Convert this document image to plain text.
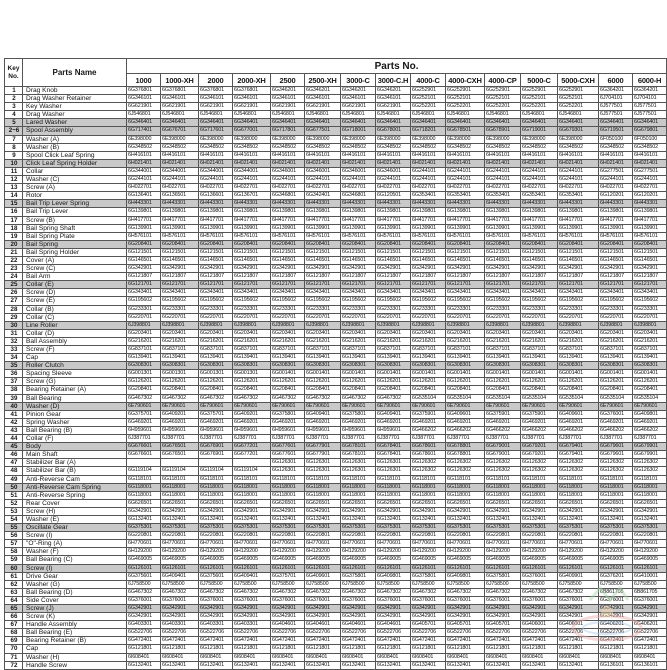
Key No.	Parts Name	Parts No.														
		1000	1000-XH	2000	2000-XH	2500	2500-XH	3000-C	3000-C.H	4000-C	4000-CXH	4000-CP	5000-C	5000-CXH	6000	6000-H
1	Drag Knob	6G376801	6G376801	6G376801	6G376801	6G346201	6G346201	6G346201	6G346201	6G252901	6G252901	6G252901	6G252901	6G252901	6G364201	6G364201
2	Drag Washer Retainer	6G346101	6G346101	6G346101	6G346101	6G346101	6G346101	6G346101	6G346101	6G252101	6G252101	6G252101	6G252101	6G252101	6J704101	6J704101
3	Key Washer	6G621901	6G621901	6G621901	6G621901	6G621901	6G621901	6G621901	6G621901	6G252201	6G252201	6G252201	6G252201	6G252201	6J577501	6J577501
4	Drag Washer	6J546801	6J546801	6J546801	6J546801	6J546801	6J546801	6J546801	6J546801	6J546801	6J546801	6J546801	6J546801	6J546801	6J577501	6J577501
5	Lared Washer	6G346401	6G346401	6G346401	6G346401	6G346401	6G346401	6G346401	6G346401	6G346401	6G346401	6G346401	6G346401	6G346401	6G346401	6G346401
2~6	Spool Assembly	6G717401	6G676701	6G717601	6G677001	6G717801	6G677501	6G718001	6G678001	6G718201	6G678501	6G678901	6G719001	6G679301	6G719501	6G679801
7	Washer (A)	6E398000	6E398000	6E398000	6E398000	6E398000	6E398000	6E398000	6E398000	6E398000	6E398000	6E398000	6E398000	6E398000	6F050100	6F050100
8	Washer (B)	6G348502	6G348502	6G348502	6G348502	6G348502	6G348502	6G348502	6G348502	6G348502	6G348502	6G348502	6G348502	6G348502	6G348502	6G348502
9	Spool Click Leaf Spring	6H416101	6H416101	6H416101	6H416101	6H416101	6H416101	6H416101	6H416101	6H416101	6H416101	6H416101	6H416101	6H416101	6H416101	6H416101
10	Click Leaf Spring Holder	6H021401	6H021401	6H021401	6H021401	6H021401	6H021401	6H021401	6H021401	6H021401	6H021401	6H021401	6H021401	6H021401	6H021401	6H021401
11	Collar	6G344001	6G344001	6G344001	6G344001	6G346001	6G346001	6G346001	6G346001	6G244101	6G244101	6G244101	6G244101	6G244101	6G277501	6G277501
12	Washer (C)	6G244101	6G244101	6G244101	6G244101	6G244101	6G244101	6G244101	6G244101	6G244101	6G244101	6G244101	6G244101	6G244101	6G244101	6G244101
13	Screw (A)	6H022701	6H022701	6H022701	6H022701	6H022701	6H022701	6H022701	6H022701	6H022701	6H022701	6H022701	6H022701	6H022701	6H022701	6H022701
14	Rotor	6G136401	6G136501	6G136601	6G136701	6G346801	6G342401	6G346801	6G120501	6G353401	6G353401	6G353401	6G353401	6G353401	6G120201	6G120201
15	Bail Trip Lever Spring	6H443301	6H443301	6H443301	6H443301	6H443301	6H443301	6H443301	6H443301	6H443301	6H443301	6H443301	6H443301	6H443301	6H443301	6H443301
16	Bail Trip Lever	6G139801	6G139801	6G139801	6G139801	6G139801	6G139801	6G139801	6G139801	6G139801	6G139801	6G139801	6G139801	6G139801	6G139801	6G139801
17	Screw (B)	6H417701	6H417701	6H417701	6H417701	6H417701	6H417701	6H417701	6H417701	6H417701	6H417701	6H417701	6H417701	6H417701	6H417701	6H417701
18	Bail Spring Shaft	6G139901	6G139901	6G139901	6G139901	6G139901	6G139901	6G139901	6G139901	6G139901	6G139901	6G139901	6G139901	6G139901	6G139901	6G139901
19	Bail Spring Plate	6H576101	6H576101	6H576101	6H576101	6H576101	6H576101	6H576101	6H576101	6H576101	6H576101	6H576101	6H576101	6H576101	6H576101	6H576101
20	Bail Spring	6G208401	6G208401	6G208401	6G208401	6G208401	6G208401	6G208401	6G208401	6G208401	6G208401	6G208401	6G208401	6G208401	6G208401	6G208401
21	Bail Spring Holder	6G121501	6G121501	6G121501	6G121501	6G121501	6G121501	6G121501	6G121501	6G121501	6G121501	6G121501	6G121501	6G121501	6G121501	6G121501
22	Cover (A)	6G146501	6G146501	6G146501	6G146501	6G146501	6G146501	6G146501	6G146501	6G146501	6G146501	6G146501	6G146501	6G146501	6G146501	6G146501
23	Screw (C)	6G342901	6G342901	6G342901	6G342901	6G342901	6G342901	6G342901	6G342901	6G342901	6G342901	6G342901	6G342901	6G342901	6G342901	6G342901
24	Bail Arm	6G121807	6G121807	6G121807	6G121807	6G121807	6G121807	6G121807	6G121807	6G121807	6G121807	6G121807	6G121807	6G121807	6G121807	6G121807
25	Collar (E)	6G121701	6G121701	6G121701	6G121701	6G121701	6G121701	6G121701	6G121701	6G121701	6G121701	6G121701	6G121701	6G121701	6G121701	6G121701
26	Screw (D)	6G343401	6G343401	6G343401	6G343401	6G343401	6G343401	6G343401	6G343401	6G343401	6G343401	6G343401	6G343401	6G343401	6G343401	6G343401
27	Screw (E)	6G195602	6G195602	6G195602	6G195602	6G195602	6G195602	6G195602	6G195602	6G195602	6G195602	6G195602	6G195602	6G195602	6G195602	6G195602
28	Collar (B)	6G233301	6G233301	6G233301	6G233301	6G233301	6G233301	6G233301	6G233301	6G233301	6G233301	6G233301	6G233301	6G233301	6G233301	6G233301
29	Collar (C)	6G220701	6G220701	6G220701	6G220701	6G220701	6G220701	6G220701	6G220701	6G220701	6G220701	6G220701	6G220701	6G220701	6G220701	6G220701
30	Line Roller	6J398801	6J398801	6J398801	6J398801	6J398801	6J398801	6J398801	6J398801	6J398801	6J398801	6J398801	6J398801	6J398801	6J398801	6J398801
31	Collar (D)	6G203401	6G203401	6G203401	6G203401	6G203401	6G203401	6G203401	6G203401	6G203401	6G203401	6G203401	6G203401	6G203401	6G203401	6G203401
32	Ball Assembly	6G216201	6G216201	6G216201	6G216201	6G216201	6G216201	6G216201	6G216201	6G216201	6G216201	6G216201	6G216201	6G216201	6G216201	6G216201
33	Screw (F)	6G837101	6G837101	6G837101	6G837101	6G837101	6G837101	6G837101	6G837101	6G837101	6G837101	6G837101	6G837101	6G837101	6G837101	6G837101
34	Cap	6G139401	6G139401	6G139401	6G139401	6G139401	6G139401	6G139401	6G139401	6G139401	6G139401	6G139401	6G139401	6G139401	6G139401	6G139401
35	Roller Clutch	6G308301	6G308301	6G308301	6G308301	6G308301	6G308301	6G308301	6G308301	6G308301	6G308301	6G308301	6G308301	6G308301	6G308301	6G308301
36	Spacing Sleeve	6G001301	6G001301	6G001301	6G001301	6G001401	6G001401	6G001401	6G001401	6G001401	6G001401	6G001401	6G001401	6G001401	6G001401	6G001401
37	Screw (G)	6G126201	6G126201	6G126201	6G126201	6G126201	6G126201	6G126201	6G126201	6G126201	6G126201	6G126201	6G126201	6G126201	6G126201	6G126201
38	Bearing Retainer (A)	6G208401	6G208401	6G208401	6G208401	6G208401	6G208401	6G208401	6G208401	6G208401	6G208401	6G208401	6G208401	6G208401	6G208401	6G208401
39	Ball Bearing	6G467302	6G467302	6G467302	6G467302	6G467302	6G467302	6G467302	6G467302	6G535104	6G535104	6G535104	6G535104	6G535104	6G535104	6G535104
40	Washer (D)	6E790601	6E790601	6E790601	6E790601	6E790601	6E790601	6E790601	6E790601	6E790601	6E790601	6E790601	6E790601	6E790601	6E790601	6E790601
41	Pinion Gear	6G375701	6G409201	6G375701	6G409201	6G375801	6G409401	6G375801	6G409401	6G375901	6G409601	6G375901	6G375901	6G409601	6G376001	6G409801
42	Spring Washer	6G469201	6G469201	6G469201	6G469201	6G469201	6G469201	6G469201	6G469201	6G469201	6G469201	6G469201	6G469201	6G469201	6G469201	6G469201
43	Ball Bearing (B)	6H959601	6H959601	6H959601	6H959601	6H959601	6H959601	6H959601	6H959601	6G466202	6G466202	6G466202	6G466202	6G466202	6G466202	6G466202
44	Collar (F)	6J387701	6J387701	6J387701	6J387701	6J387701	6J387701	6J387701	6J387701	6J387701	6J387701	6J387701	6J387701	6J387701	6J387701	6J387701
45	Body	6G676601	6G676501	6G676901	6G677201	6G677601	6G677901	6G678101	6G678401	6G678601	6G678801	6G679001	6G679201	6G679401	6G679601	6G679901
46	Main Shaft	6G676601	6G676501	6G676901	6G677201	6G677601	6G677901	6G678101	6G678401	6G678601	6G678801	6G679001	6G679201	6G679401	6G679601	6G679901
47	Stabilizer Bar (A)					6G126301	6G126301	6G126301	6G126301	6G126302	6G126302	6G126302	6G126302	6G126302	6G126302	6G126302
48	Stabilizer Bar (B)	6G119104	6G119104	6G119104	6G119104	6G126301	6G126301	6G126301	6G126301	6G126302	6G126302	6G126302	6G126302	6G126302	6G126302	6G126302
49	Anti-Reverse Cam	6G118101	6G118101	6G118101	6G118101	6G118101	6G118101	6G118101	6G118101	6G118101	6G118101	6G118101	6G118101	6G118101	6G118101	6G118101
50	Anti-Reverse Cam Spring	6G118001	6G118001	6G118001	6G118001	6G118001	6G118001	6G118001	6G118001	6G118001	6G118001	6G118001	6G118001	6G118001	6G118001	6G118001
51	Anti-Reverse Spring	6G118001	6G118001	6G118001	6G118001	6G118001	6G118001	6G118001	6G118001	6G118001	6G118001	6G118001	6G118001	6G118001	6G118001	6G118001
52	Rear Cover	6G626501	6G626501	6G626501	6G626501	6G626501	6G626501	6G626501	6G626501	6G626501	6G626501	6G626501	6G626501	6G626501	6G626501	6G626501
53	Screw (H)	6G342901	6G342901	6G342901	6G342901	6G342901	6G342901	6G342901	6G342901	6G342901	6G342901	6G342901	6G342901	6G342901	6G342901	6G342901
54	Washer (E)	6G132401	6G132401	6G132401	6G132401	6G132401	6G132401	6G132401	6G132401	6G132401	6G132401	6G132401	6G132401	6G132401	6G132401	6G132401
55	Oscillate Gear	6G375301	6G375301	6G375301	6G375301	6G375301	6G375301	6G375301	6G375301	6G375301	6G375301	6G375301	6G375301	6G375301	6G375301	6G375301
56	Screw (I)	6G220801	6G220801	6G220801	6G220801	6G220801	6G220801	6G220801	6G220801	6G220801	6G220801	6G220801	6G220801	6G220801	6G220801	6G220801
57	"O"-Ring (A)	6H770601	6H770601	6H770601	6H770601	6H770601	6H770601	6H770601	6H770601	6H770601	6H770601	6H770601	6H770601	6H770601	6H770601	6H770601
58	Washer (F)	6H129200	6H129200	6H129200	6H129200	6H129200	6H129200	6H129200	6H129200	6H129200	6H129200	6H129200	6H129200	6H129200	6H129200	6H129200
59	Ball Bearing (C)	6G469005	6G469005	6G469005	6G469005	6G469005	6G469005	6G469005	6G469005	6G469005	6G469005	6G469005	6G469005	6G469005	6G469005	6G469005
60	Screw (I)	6G126101	6G126101	6G126101	6G126101	6G126101	6G126101	6G126101	6G126101	6G126101	6G126101	6G126101	6G126101	6G126101	6G126101	6G126101
61	Drive Gear	6G375601	6G409401	6G375601	6G409401	6G375701	6G409601	6G375801	6G409801	6G375801	6G409801	6G375801	6G376001	6G409901	6G376201	6G410001
62	Washer (G)	6J758500	6J758500	6J758500	6J758500	6J758500	6J758500	6J758500	6J758500	6J758500	6J758500	6J758500	6J758500	6J758500	6J758500	6J758500
63	Ball Bearing (D)	6G467302	6G467302	6G467302	6G467302	6G467302	6G467302	6G467302	6G467302	6G467302	6G467302	6G467302	6G467302	6G467302	6B861705	6B861705
64	Side Cover	6G376001	6G376001	6G376001	6G376001	6G376001	6G376001	6G376001	6G376001	6G376001	6G376001	6G376001	6G376001	6G376001	6G376001	6G376001
65	Screw (J)	6G342901	6G342901	6G342901	6G342901	6G342901	6G342901	6G342901	6G342901	6G342901	6G342901	6G342901	6G342901	6G342901	6G342901	6G342901
66	Screw (K)	6G342901	6G342901	6G342901	6G342901	6G342901	6G342901	6G342901	6G342901	6G342901	6G342901	6G342901	6G342901	6G342901	6G342901	6G342901
67	Handle Assembly	6G403301	6G403301	6G403301	6G403301	6G404601	6G404601	6G404601	6G404601	6G405701	6G405701	6G405701	6G406001	6G406001	6G406201	6G406201
68	Ball Bearing (E)	6G522706	6G522706	6G522706	6G522706	6G522706	6G522706	6G522706	6G522706	6G522706	6G522706	6G522706	6G522706	6G522706	6G522706	6G522706
69	Bearing Retainer (B)	6G472401	6G472401	6G472401	6G472401	6G472401	6G472401	6G472401	6G472401	6G472401	6G472401	6G472401	6G472401	6G472401	6G472401	6G472401
70	Cap	6G121801	6G121801	6G121801	6G121801	6G121801	6G121801	6G121801	6G121801	6G121801	6G121801	6G121801	6G121801	6G121801	6G121801	6G121801
71	Washer (H)	6I608401	6I608401	6I608401	6I608401	6I608401	6I608401	6I608401	6I608401	6I608401	6I608401	6I608401	6I608401	6I608401	6I608401	6I608401
72	Handle Screw	6G132401	6G132401	6G132401	6G132401	6G132401	6G132401	6G132401	6G132401	6G132401	6G132401	6G132401	6G132401	6G132401	6G136101	6G136101
